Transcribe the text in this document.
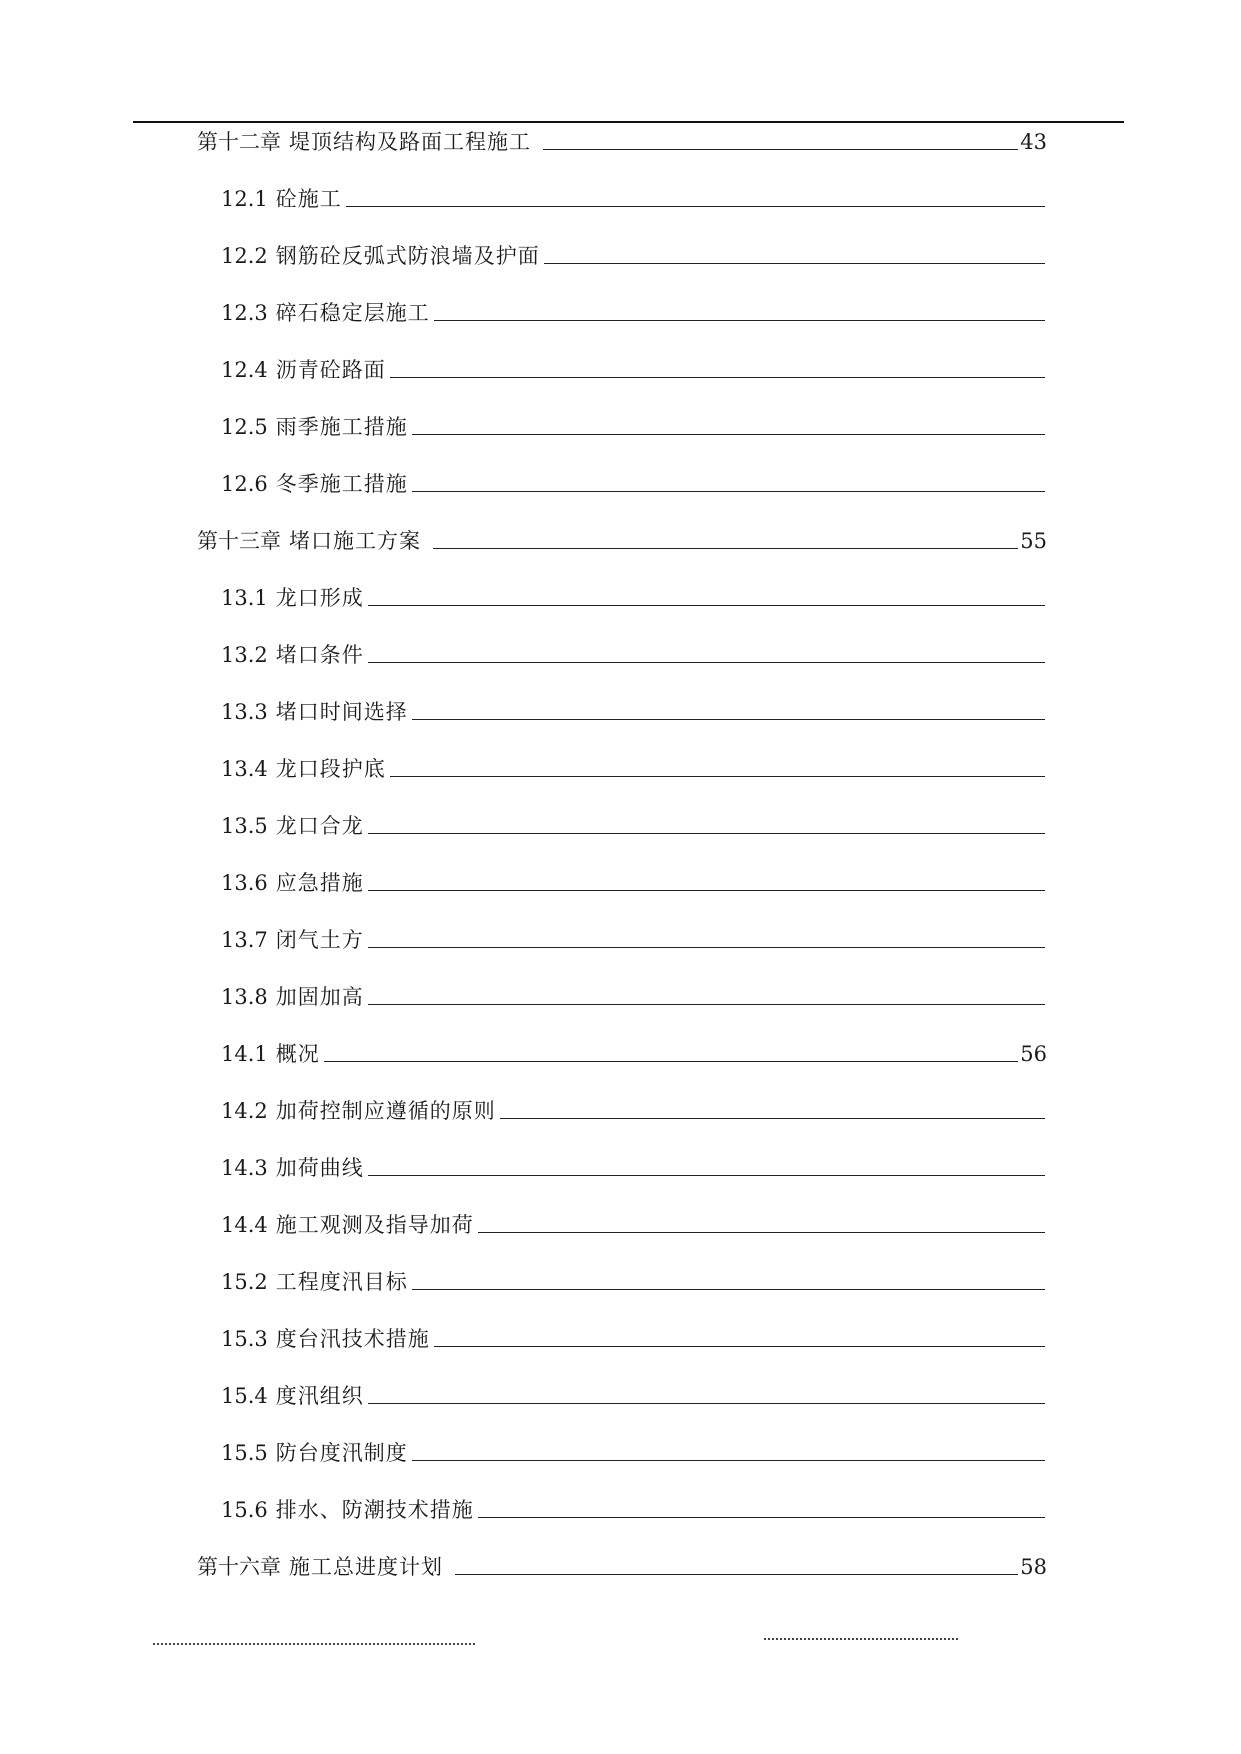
第十二章 堤顶结构及路面工程施工	43
12.1 砼施工
12.2 钢筋砼反弧式防浪墙及护面
12.3 碎石稳定层施工
12.4 沥青砼路面
12.5 雨季施工措施
12.6 冬季施工措施
第十三章 堵口施工方案	55
13.1 龙口形成
13.2 堵口条件
13.3 堵口时间选择
13.4 龙口段护底
13.5 龙口合龙
13.6 应急措施
13.7 闭气土方
13.8 加固加高
14.1 概况	56
14.2 加荷控制应遵循的原则
14.3 加荷曲线
14.4 施工观测及指导加荷
15.2 工程度汛目标
15.3 度台汛技术措施
15.4 度汛组织
15.5 防台度汛制度
15.6 排水、防潮技术措施
第十六章 施工总进度计划	58
